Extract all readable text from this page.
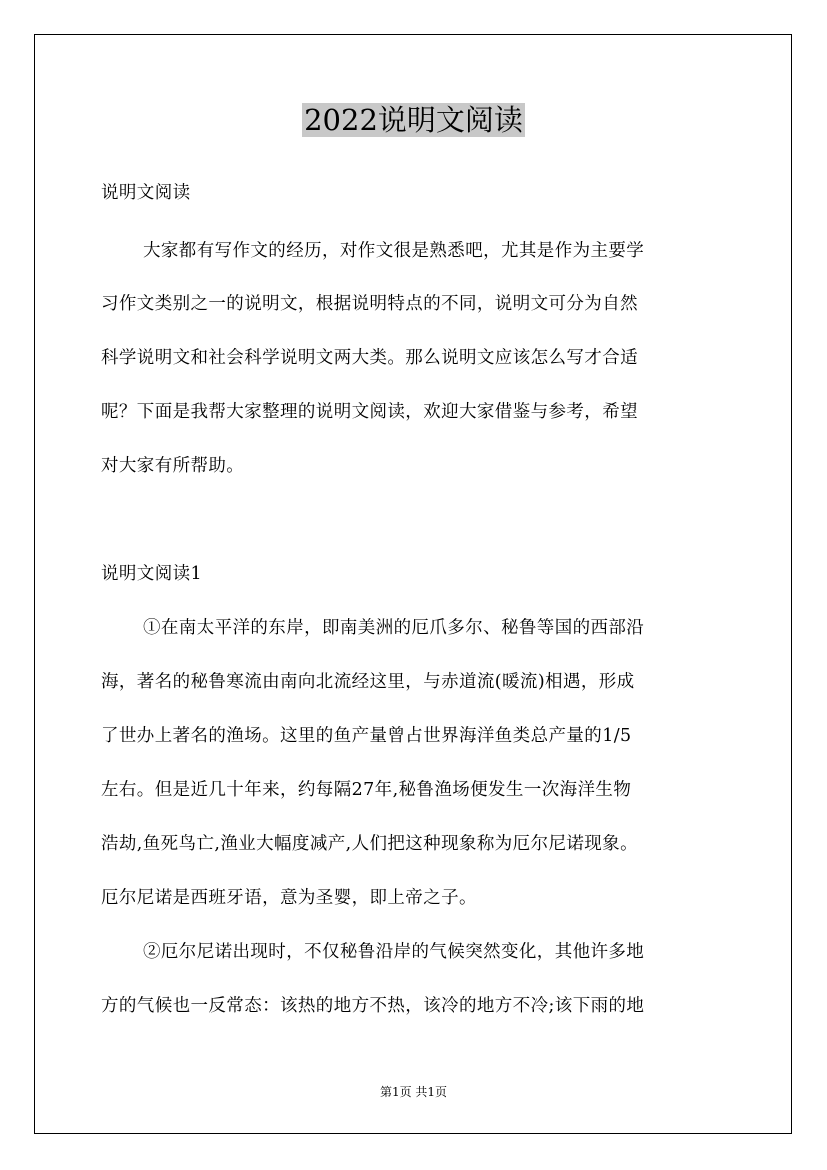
2022说明文阅读
说明文阅读
大家都有写作文的经历，对作文很是熟悉吧，尤其是作为主要学
习作文类别之一的说明文，根据说明特点的不同，说明文可分为自然
科学说明文和社会科学说明文两大类。那么说明文应该怎么写才合适
呢？下面是我帮大家整理的说明文阅读，欢迎大家借鉴与参考，希望
对大家有所帮助。
说明文阅读1
①在南太平洋的东岸，即南美洲的厄爪多尔、秘鲁等国的西部沿
海，著名的秘鲁寒流由南向北流经这里，与赤道流(暖流)相遇，形成
了世办上著名的渔场。这里的鱼产量曾占世界海洋鱼类总产量的1/5
左右。但是近几十年来，约每隔27年,秘鲁渔场便发生一次海洋生物
浩劫,鱼死鸟亡,渔业大幅度减产,人们把这种现象称为厄尔尼诺现象。
厄尔尼诺是西班牙语，意为圣婴，即上帝之子。
②厄尔尼诺出现时，不仅秘鲁沿岸的气候突然变化，其他许多地
方的气候也一反常态：该热的地方不热，该冷的地方不冷;该下雨的地
第1页 共1页
